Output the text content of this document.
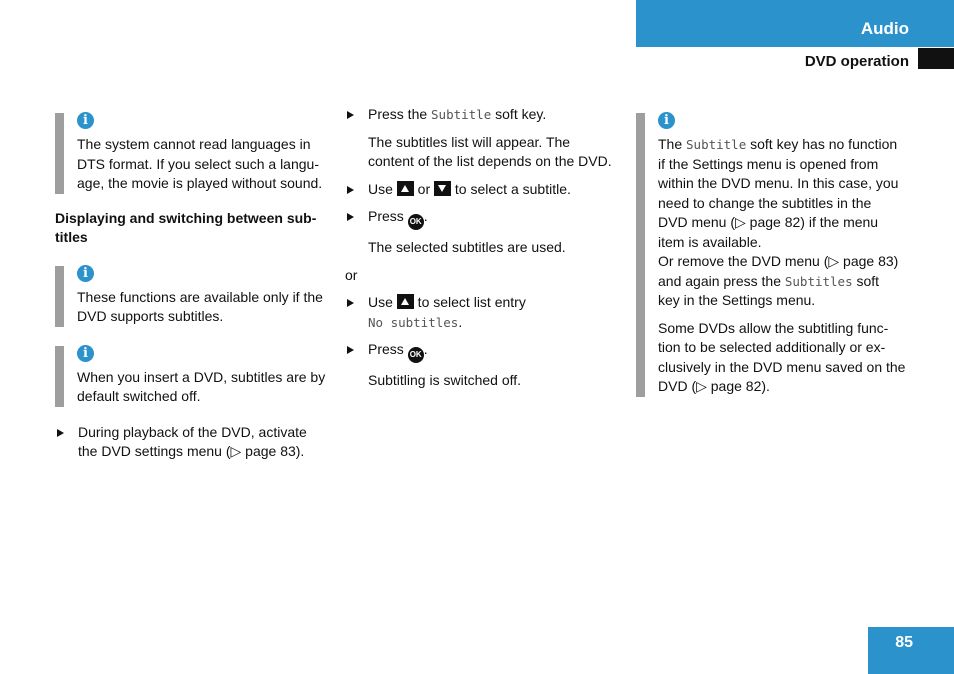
Audio
DVD operation
i

The system cannot read languages in

DTS format. If you select such a langu-

age, the movie is played without sound.

Displaying and switching between sub-
titles
i

These functions are available only if the

DVD supports subtitles.

i

When you insert a DVD, subtitles are by

default switched off.

During playback of the DVD, activate
the DVD settings menu (▷ page 83).
Press the Subtitle soft key.
The subtitles list will appear. The
content of the list depends on the DVD.
Use  or  to select a subtitle.
Press OK .
The selected subtitles are used.
or
Use  to select list entry
No subtitles.
Press OK .
Subtitling is switched off.
i

The Subtitle soft key has no function

if the Settings menu is opened from

within the DVD menu. In this case, you

need to change the subtitles in the

DVD menu (▷ page 82) if the menu

item is available.

Or remove the DVD menu (▷ page 83)

and again press the Subtitles soft

key in the Settings menu.

Some DVDs allow the subtitling func-

tion to be selected additionally or ex-

clusively in the DVD menu saved on the

DVD (▷ page 82).

85
